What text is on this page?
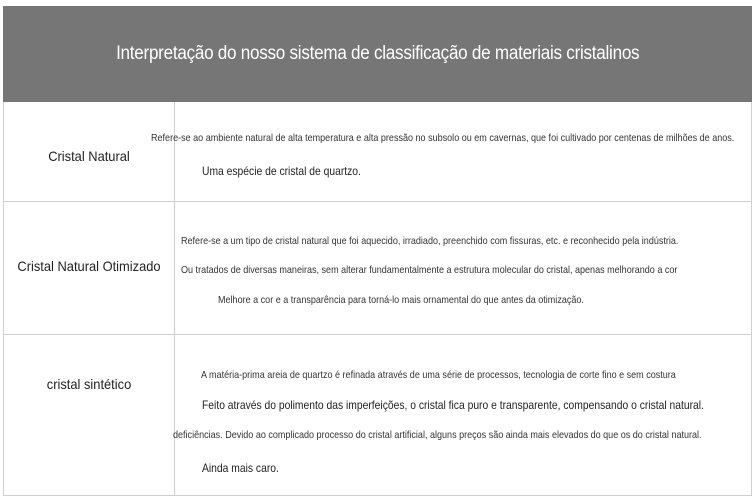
Interpretação do nosso sistema de classificação de materiais cristalinos
Cristal Natural
Refere-se ao ambiente natural de alta temperatura e alta pressão no subsolo ou em cavernas, que foi cultivado por centenas de milhões de anos.
Uma espécie de cristal de quartzo.
Cristal Natural Otimizado
Refere-se a um tipo de cristal natural que foi aquecido, irradiado, preenchido com fissuras, etc. e reconhecido pela indústria.
Ou tratados de diversas maneiras, sem alterar fundamentalmente a estrutura molecular do cristal, apenas melhorando a cor
Melhore a cor e a transparência para torná-lo mais ornamental do que antes da otimização.
cristal sintético
A matéria-prima areia de quartzo é refinada através de uma série de processos, tecnologia de corte fino e sem costura
Feito através do polimento das imperfeições, o cristal fica puro e transparente, compensando o cristal natural.
deficiências. Devido ao complicado processo do cristal artificial, alguns preços são ainda mais elevados do que os do cristal natural.
Ainda mais caro.
